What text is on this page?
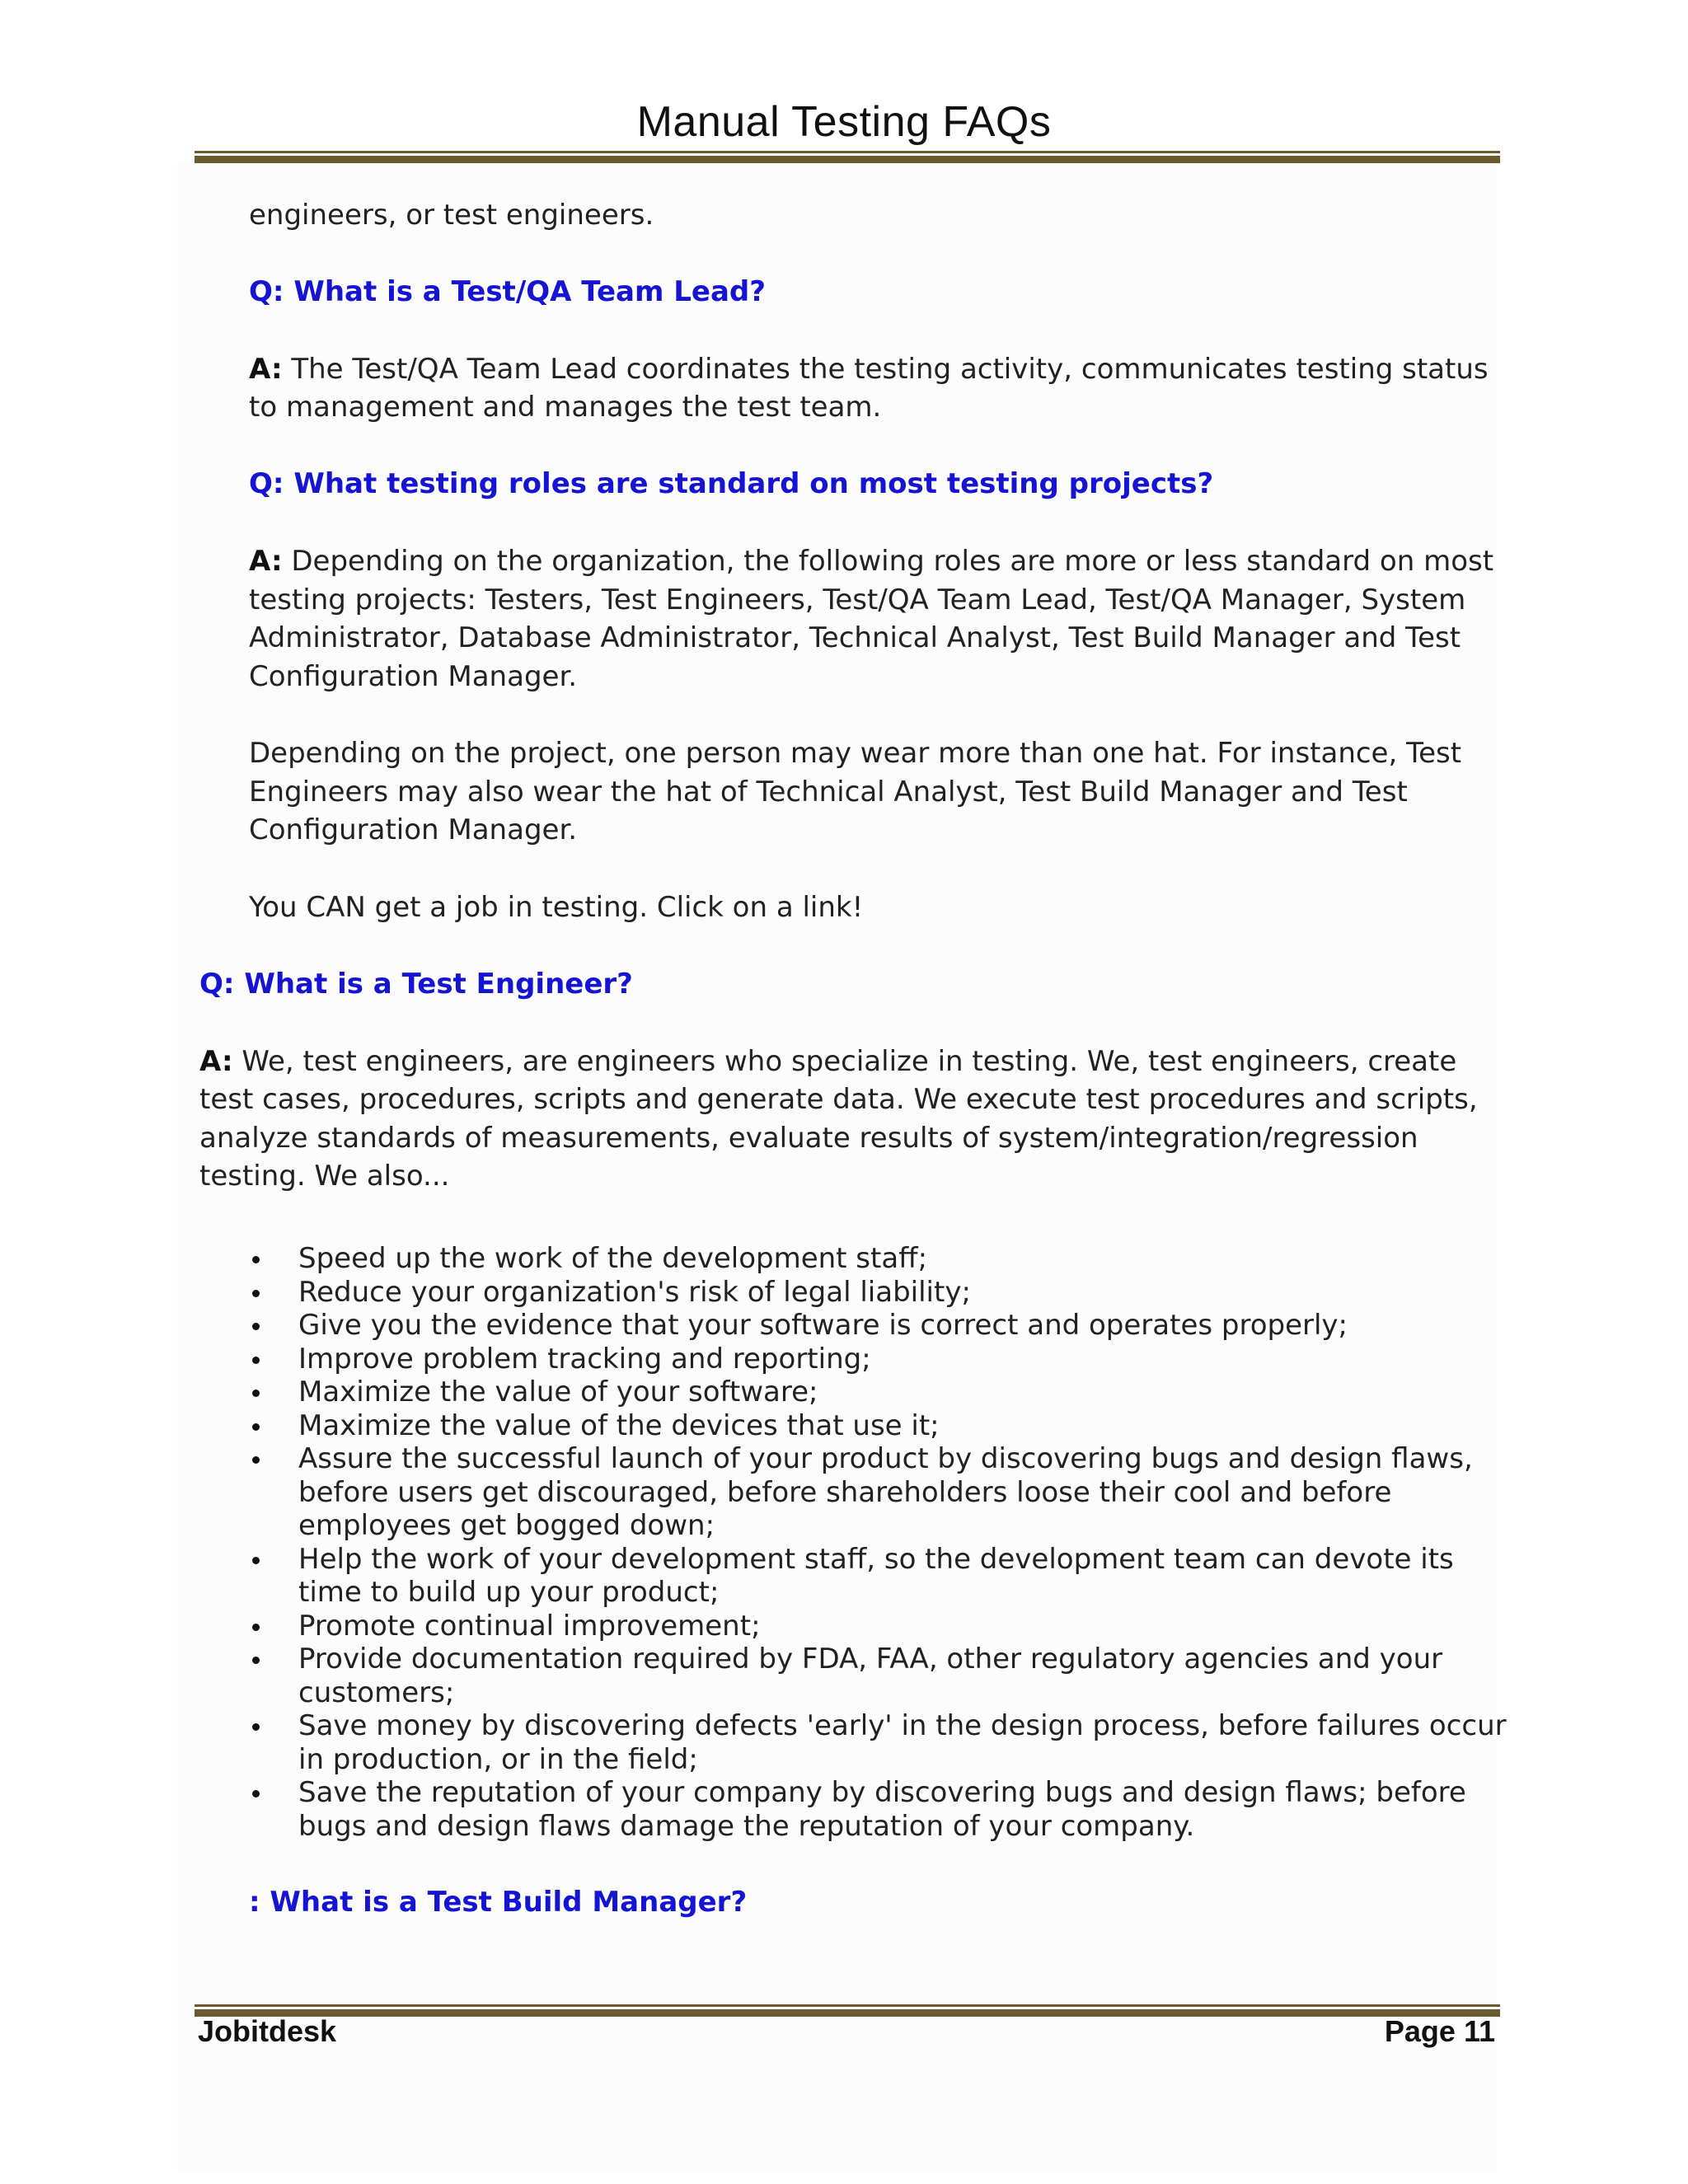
Manual Testing FAQs
engineers, or test engineers.
Q: What is a Test/QA Team Lead?
A: The Test/QA Team Lead coordinates the testing activity, communicates testing status
to management and manages the test team.
Q: What testing roles are standard on most testing projects?
A: Depending on the organization, the following roles are more or less standard on most
testing projects: Testers, Test Engineers, Test/QA Team Lead, Test/QA Manager, System
Administrator, Database Administrator, Technical Analyst, Test Build Manager and Test
Configuration Manager.
Depending on the project, one person may wear more than one hat. For instance, Test
Engineers may also wear the hat of Technical Analyst, Test Build Manager and Test
Configuration Manager.
You CAN get a job in testing. Click on a link!
Q: What is a Test Engineer?
A: We, test engineers, are engineers who specialize in testing. We, test engineers, create
test cases, procedures, scripts and generate data. We execute test procedures and scripts,
analyze standards of measurements, evaluate results of system/integration/regression
testing. We also...
Speed up the work of the development staff;
Reduce your organization's risk of legal liability;
Give you the evidence that your software is correct and operates properly;
Improve problem tracking and reporting;
Maximize the value of your software;
Maximize the value of the devices that use it;
Assure the successful launch of your product by discovering bugs and design flaws,
before users get discouraged, before shareholders loose their cool and before
employees get bogged down;
Help the work of your development staff, so the development team can devote its
time to build up your product;
Promote continual improvement;
Provide documentation required by FDA, FAA, other regulatory agencies and your
customers;
Save money by discovering defects 'early' in the design process, before failures occur
in production, or in the field;
Save the reputation of your company by discovering bugs and design flaws; before
bugs and design flaws damage the reputation of your company.
: What is a Test Build Manager?
Jobitdesk	Page 11
